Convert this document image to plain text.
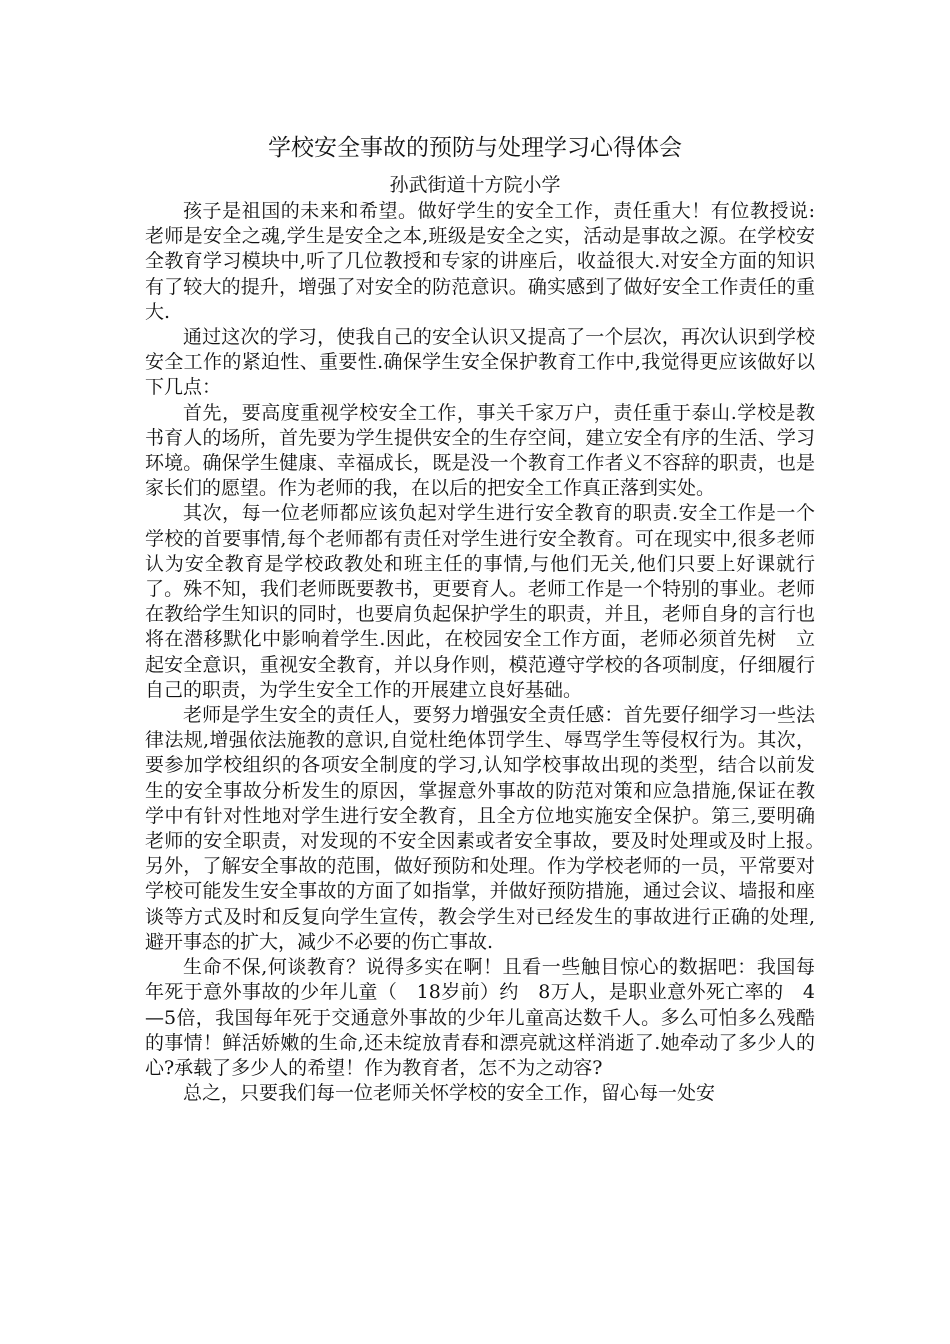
学校安全事故的预防与处理学习心得体会
孙武街道十方院小学

孩子是祖国的未来和希望。做好学生的安全工作，责任重大！有位教授说:老师是安全之魂,学生是安全之本,班级是安全之实，活动是事故之源。在学校安全教育学习模块中,听了几位教授和专家的讲座后，收益很大.对安全方面的知识有了较大的提升，增强了对安全的防范意识。确实感到了做好安全工作责任的重大.

通过这次的学习，使我自己的安全认识又提高了一个层次，再次认识到学校安全工作的紧迫性、重要性.确保学生安全保护教育工作中,我觉得更应该做好以下几点：

首先，要高度重视学校安全工作，事关千家万户，责任重于泰山.学校是教书育人的场所，首先要为学生提供安全的生存空间，建立安全有序的生活、学习环境。确保学生健康、幸福成长，既是没一个教育工作者义不容辞的职责，也是家长们的愿望。作为老师的我，在以后的把安全工作真正落到实处。

其次，每一位老师都应该负起对学生进行安全教育的职责.安全工作是一个学校的首要事情,每个老师都有责任对学生进行安全教育。可在现实中,很多老师认为安全教育是学校政教处和班主任的事情,与他们无关,他们只要上好课就行了。殊不知，我们老师既要教书，更要育人。老师工作是一个特别的事业。老师在教给学生知识的同时，也要肩负起保护学生的职责，并且，老师自身的言行也将在潜移默化中影响着学生.因此，在校园安全工作方面，老师必须首先树　立起安全意识，重视安全教育，并以身作则，模范遵守学校的各项制度，仔细履行自己的职责，为学生安全工作的开展建立良好基础。

老师是学生安全的责任人，要努力增强安全责任感：首先要仔细学习一些法律法规,增强依法施教的意识,自觉杜绝体罚学生、辱骂学生等侵权行为。其次，要参加学校组织的各项安全制度的学习,认知学校事故出现的类型，结合以前发生的安全事故分析发生的原因，掌握意外事故的防范对策和应急措施,保证在教学中有针对性地对学生进行安全教育，且全方位地实施安全保护。第三,要明确老师的安全职责，对发现的不安全因素或者安全事故，要及时处理或及时上报。　另外，了解安全事故的范围，做好预防和处理。作为学校老师的一员，平常要对学校可能发生安全事故的方面了如指掌，并做好预防措施，通过会议、墙报和座谈等方式及时和反复向学生宣传，教会学生对已经发生的事故进行正确的处理,避开事态的扩大，减少不必要的伤亡事故.

生命不保,何谈教育？说得多实在啊！且看一些触目惊心的数据吧：我国每年死于意外事故的少年儿童（　18岁前）约　8万人，是职业意外死亡率的　4—5倍，我国每年死于交通意外事故的少年儿童高达数千人。多么可怕多么残酷的事情！鲜活娇嫩的生命,还未绽放青春和漂亮就这样消逝了.她牵动了多少人的心?承载了多少人的希望！作为教育者，怎不为之动容?

总之，只要我们每一位老师关怀学校的安全工作，留心每一处安
